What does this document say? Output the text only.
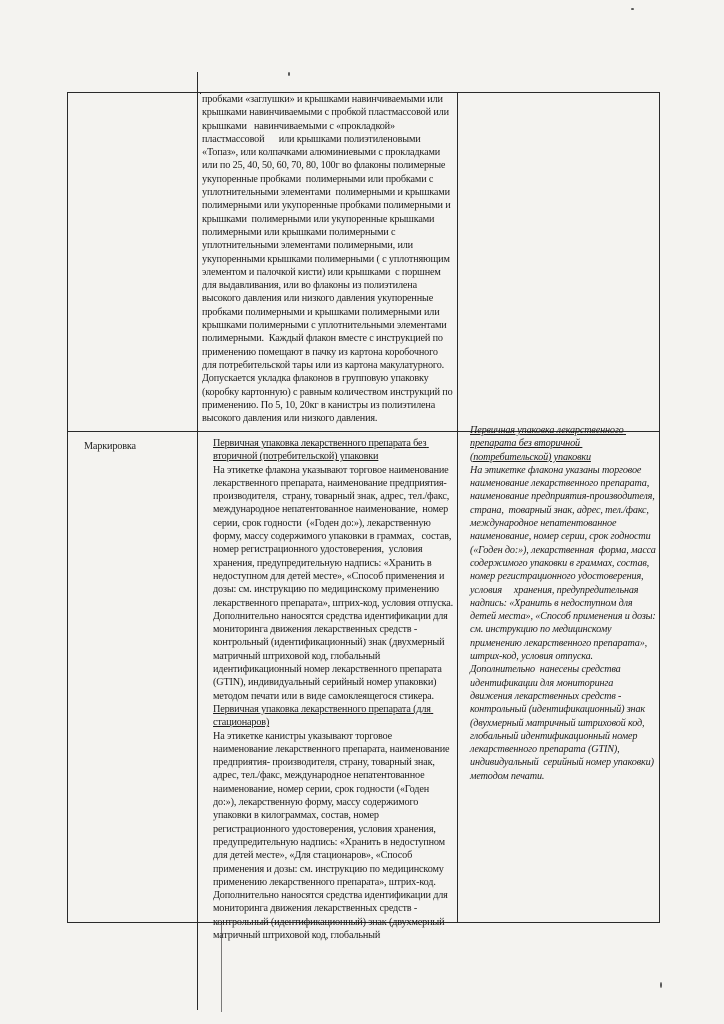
пробками «заглушки» и крышками навинчиваемыми или крышками навинчиваемыми с пробкой пластмассовой или крышками   навинчиваемыми с «прокладкой» пластмассовой      или крышками полиэтиленовыми «Топаз», или колпачками алюминиевыми с прокладками или по 25, 40, 50, 60, 70, 80, 100г во флаконы полимерные укупоренные пробками  полимерными или пробками с уплотнительными элементами  полимерными и крышками полимерными или укупоренные пробками полимерными и крышками  полимерными или укупоренные крышками полимерными или крышками полимерными с уплотнительными элементами полимерными, или укупоренными крышками полимерными ( с уплотняющим элементом и палочкой кисти) или крышками  с поршнем для выдавливания, или во флаконы из полиэтилена  высокого давления или низкого давления укупоренные пробками полимерными и крышками полимерными или крышками полимерными с уплотнительными элементами  полимерными.  Каждый флакон вместе с инструкцией по применению помещают в пачку из картона коробочного для потребительской тары или из картона макулатурного. Допускается укладка флаконов в групповую упаковку (коробку картонную) с равным количеством инструкций по применению. По 5, 10, 20кг в канистры из полиэтилена высокого давления или низкого давления.
Маркировка	Первичная упаковка лекарственного препарата без вторичной (потребительской) упаковки
На этикетке флакона указывают торговое наименование лекарственного препарата, наименование предприятия-производителя,  страну, товарный знак, адрес, тел./факс,   международное непатентованное наименование,  номер серии, срок годности  («Годен до:»), лекарственную  форму, массу содержимого упаковки в граммах,   состав, номер регистрационного удостоверения,  условия хранения, предупредительную надпись: «Хранить в недоступном для детей месте», «Способ применения и дозы: см. инструкцию по медицинскому применению лекарственного препарата», штрих-код, условия отпуска. Дополнительно наносятся средства идентификации для мониторинга движения лекарственных средств -   контрольный (идентификационный) знак (двухмерный матричный штриховой код, глобальный идентификационный номер лекарственного препарата (GTIN), индивидуальный серийный номер упаковки) методом печати или в виде самоклеящегося стикера.
Первичная упаковка лекарственного препарата (для стационаров)
На этикетке канистры указывают торговое наименование лекарственного препарата, наименование предприятия- производителя, страну, товарный знак, адрес, тел./факс, международное непатентованное наименование, номер серии, срок годности («Годен до:»), лекарственную форму, массу содержимого упаковки в килограммах, состав, номер регистрационного удостоверения, условия хранения, предупредительную надпись: «Хранить в недоступном для детей месте», «Для стационаров», «Способ применения и дозы: см. инструкцию по медицинскому применению лекарственного препарата», штрих-код.
Дополнительно наносятся средства идентификации для мониторинга движения лекарственных средств - контрольный (идентификационный) знак (двухмерный матричный штриховой код, глобальный
Первичная упаковка лекарственного препарата без вторичной (потребительской) упаковки
На этикетке флакона указаны торговое наименование лекарственного препарата, наименование предприятия-производителя,  страна,  товарный знак, адрес, тел./факс, международное непатентованное наименование, номер серии, срок годности  («Годен до:»), лекарственная  форма, масса содержимого упаковки в граммах, состав, номер регистрационного удостоверения,  условия     хранения, предупредительная надпись: «Хранить в недоступном для детей места», «Способ применения и дозы: см. инструкцию по медицинскому применению лекарственного препарата», штрих-код, условия отпуска.
Дополнительно  нанесены средства идентификации для мониторинга движения лекарственных средств - контрольный (идентификационный) знак (двухмерный матричный штриховой код, глобальный идентификационный номер лекарственного препарата (GTIN), индивидуальный  серийный номер упаковки) методом печати.
